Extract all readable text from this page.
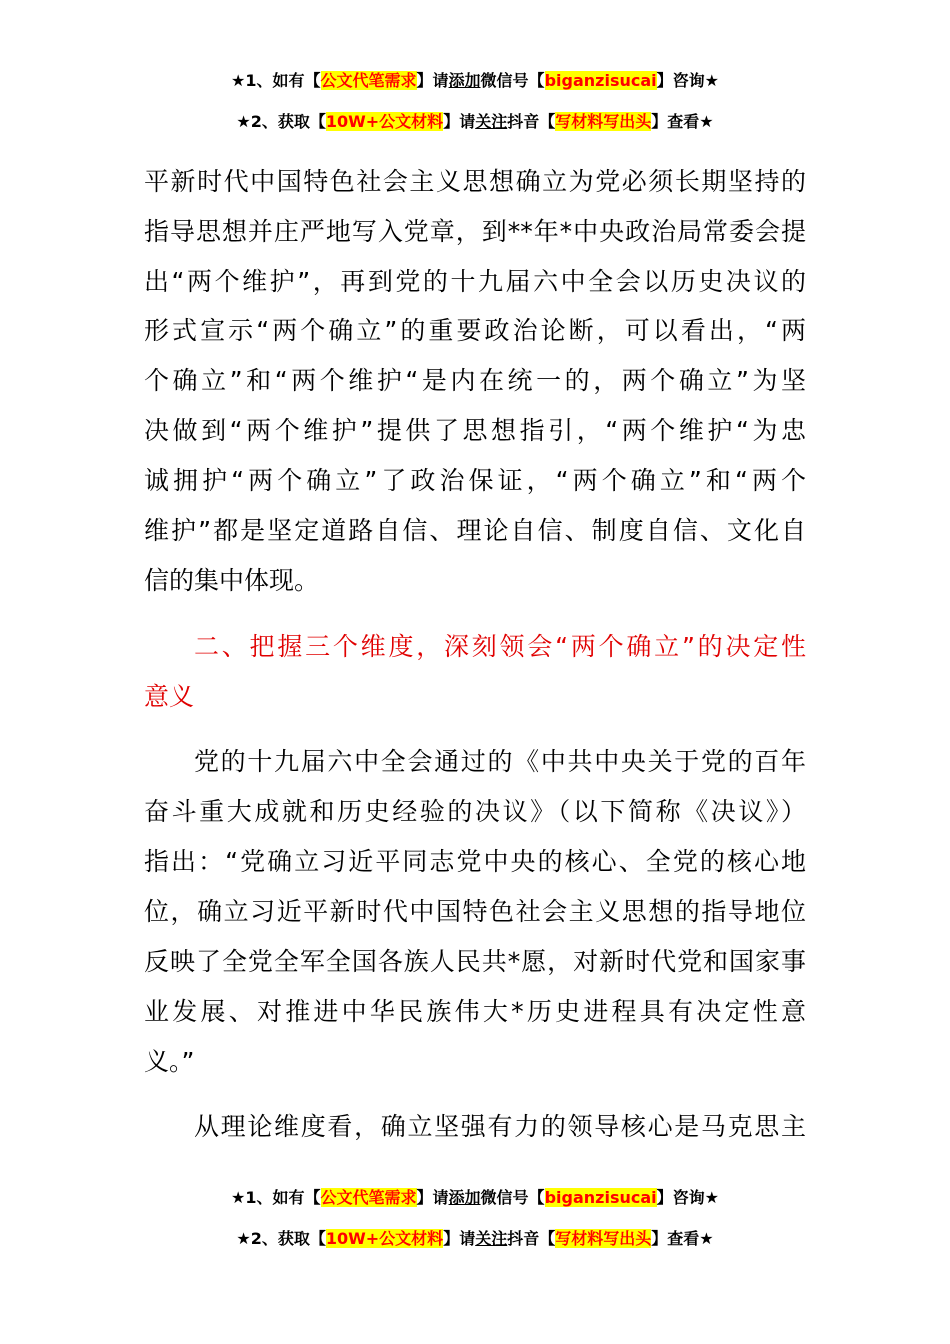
★1、如有【公文代笔需求】请添加微信号【biganzisucai】咨询★
★2、获取【10W+公文材料】请关注抖音【写材料写出头】查看★
平新时代中国特色社会主义思想确立为党必须长期坚持的
指导思想并庄严地写入党章，到**年*中央政治局常委会提
出“两个维护”，再到党的十九届六中全会以历史决议的
形式宣示“两个确立”的重要政治论断，可以看出，“两
个确立”和“两个维护“是内在统一的，两个确立”为坚
决做到“两个维护”提供了思想指引，“两个维护“为忠
诚拥护“两个确立”了政治保证，“两个确立”和“两个
维护”都是坚定道路自信、理论自信、制度自信、文化自
信的集中体现。
二、把握三个维度，深刻领会“两个确立”的决定性
意义
党的十九届六中全会通过的《中共中央关于党的百年
奋斗重大成就和历史经验的决议》（以下简称《决议》）
指出：“党确立习近平同志党中央的核心、全党的核心地
位，确立习近平新时代中国特色社会主义思想的指导地位
反映了全党全军全国各族人民共*愿，对新时代党和国家事
业发展、对推进中华民族伟大*历史进程具有决定性意
义。”
从理论维度看，确立坚强有力的领导核心是马克思主
★1、如有【公文代笔需求】请添加微信号【biganzisucai】咨询★
★2、获取【10W+公文材料】请关注抖音【写材料写出头】查看★
